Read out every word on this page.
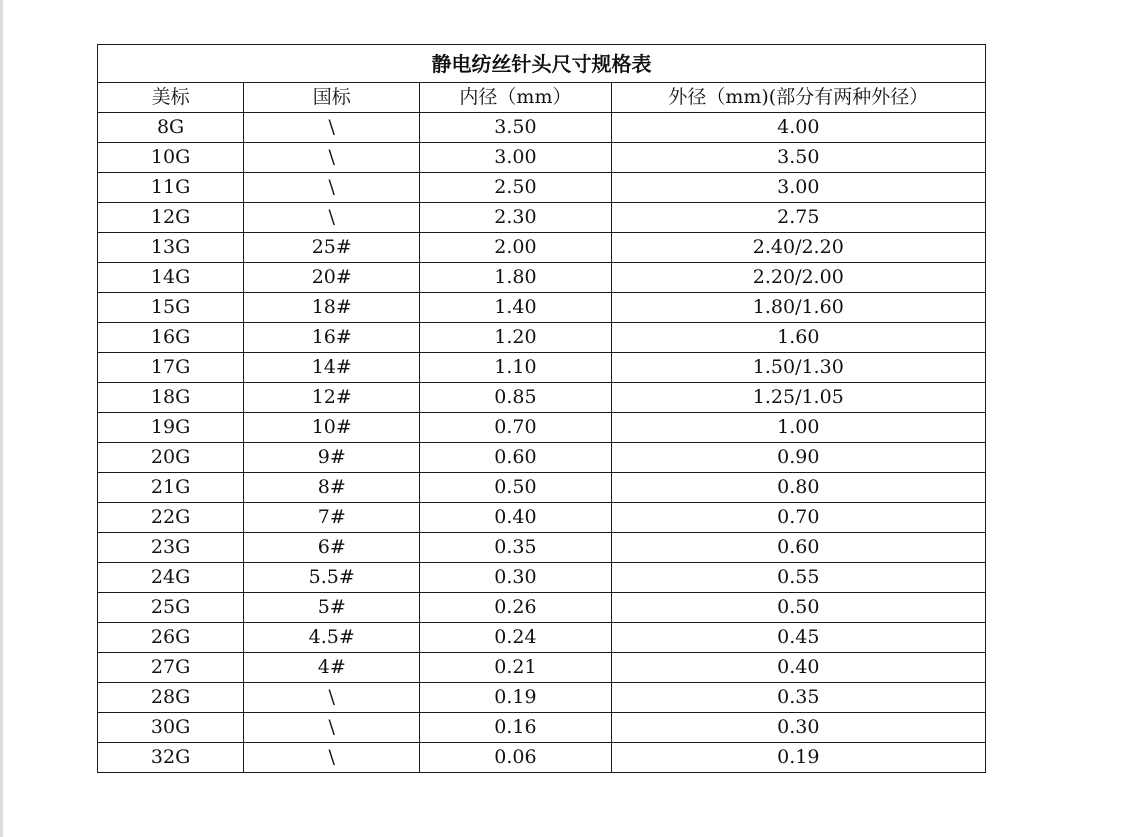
静电纺丝针头尺寸规格表			
美标	国标	内径（mm）	外径（mm)(部分有两种外径）
8G	\	3.50	4.00
10G	\	3.00	3.50
11G	\	2.50	3.00
12G	\	2.30	2.75
13G	25#	2.00	2.40/2.20
14G	20#	1.80	2.20/2.00
15G	18#	1.40	1.80/1.60
16G	16#	1.20	1.60
17G	14#	1.10	1.50/1.30
18G	12#	0.85	1.25/1.05
19G	10#	0.70	1.00
20G	9#	0.60	0.90
21G	8#	0.50	0.80
22G	7#	0.40	0.70
23G	6#	0.35	0.60
24G	5.5#	0.30	0.55
25G	5#	0.26	0.50
26G	4.5#	0.24	0.45
27G	4#	0.21	0.40
28G	\	0.19	0.35
30G	\	0.16	0.30
32G	\	0.06	0.19
